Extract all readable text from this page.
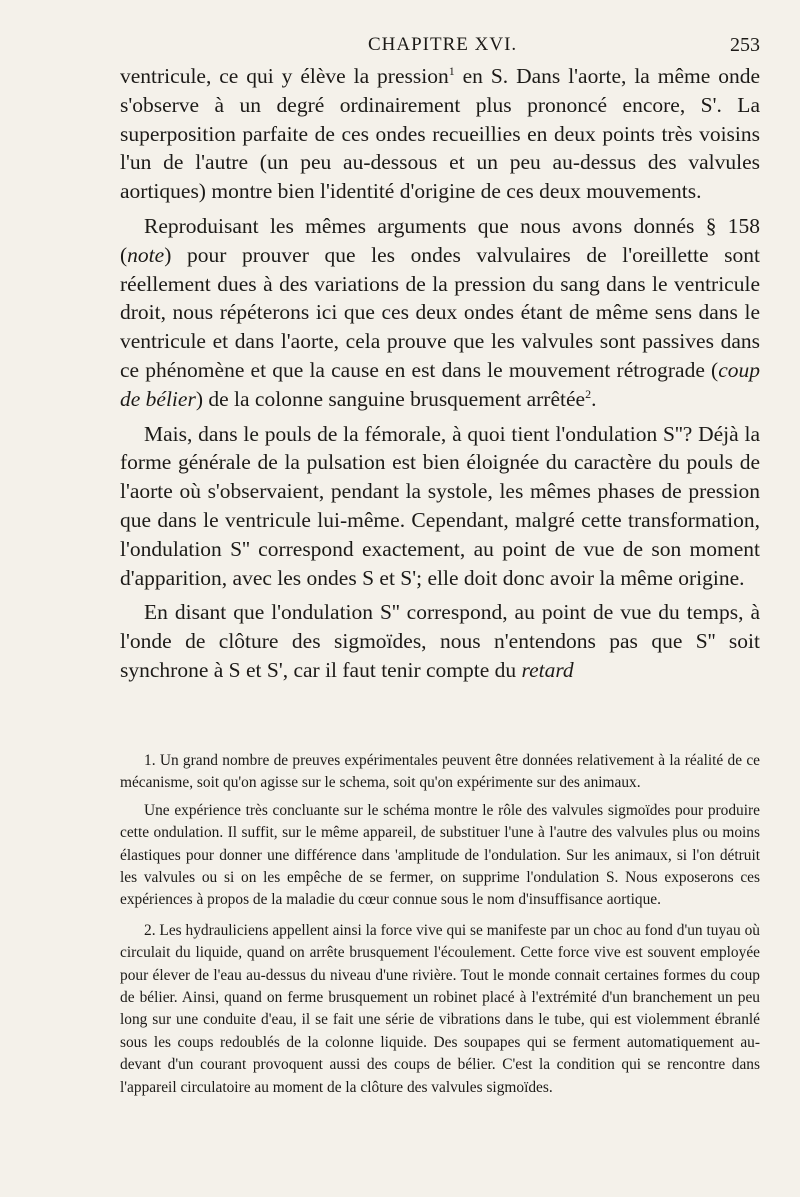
CHAPITRE XVI.	253

ventricule, ce qui y élève la pression$^1$ en S. Dans l'aorte, la même onde s'observe à un degré ordinairement plus prononcé encore, S'. La superposition parfaite de ces ondes recueillies en deux points très voisins l'un de l'autre (un peu au-dessous et un peu au-dessus des valvules aortiques) montre bien l'identité d'origine de ces deux mouvements.

Reproduisant les mêmes arguments que nous avons donnés § 158 (note) pour prouver que les ondes valvulaires de l'oreillette sont réellement dues à des variations de la pression du sang dans le ventricule droit, nous répéterons ici que ces deux ondes étant de même sens dans le ventricule et dans l'aorte, cela prouve que les valvules sont passives dans ce phénomène et que la cause en est dans le mouvement rétrograde (coup de bélier) de la colonne sanguine brusquement arrêtée$^2$.

Mais, dans le pouls de la fémorale, à quoi tient l'ondulation S''? Déjà la forme générale de la pulsation est bien éloignée du caractère du pouls de l'aorte où s'observaient, pendant la systole, les mêmes phases de pression que dans le ventricule lui-même. Cependant, malgré cette transformation, l'ondulation S'' correspond exactement, au point de vue de son moment d'apparition, avec les ondes S et S'; elle doit donc avoir la même origine.

En disant que l'ondulation S'' correspond, au point de vue du temps, à l'onde de clôture des sigmoïdes, nous n'entendons pas que S'' soit synchrone à S et S', car il faut tenir compte du retard

1. Un grand nombre de preuves expérimentales peuvent être données relativement à la réalité de ce mécanisme, soit qu'on agisse sur le schema, soit qu'on expérimente sur des animaux.

Une expérience très concluante sur le schéma montre le rôle des valvules sigmoïdes pour produire cette ondulation. Il suffit, sur le même appareil, de substituer l'une à l'autre des valvules plus ou moins élastiques pour donner une différence dans 'amplitude de l'ondulation. Sur les animaux, si l'on détruit les valvules ou si on les empêche de se fermer, on supprime l'ondulation S. Nous exposerons ces expériences à propos de la maladie du cœur connue sous le nom d'insuffisance aortique.

2. Les hydrauliciens appellent ainsi la force vive qui se manifeste par un choc au fond d'un tuyau où circulait du liquide, quand on arrête brusquement l'écoulement. Cette force vive est souvent employée pour élever de l'eau au-dessus du niveau d'une rivière. Tout le monde connait certaines formes du coup de bélier. Ainsi, quand on ferme brusquement un robinet placé à l'extrémité d'un branchement un peu long sur une conduite d'eau, il se fait une série de vibrations dans le tube, qui est violemment ébranlé sous les coups redoublés de la colonne liquide. Des soupapes qui se ferment automatiquement au-devant d'un courant provoquent aussi des coups de bélier. C'est la condition qui se rencontre dans l'appareil circulatoire au moment de la clôture des valvules sigmoïdes.
